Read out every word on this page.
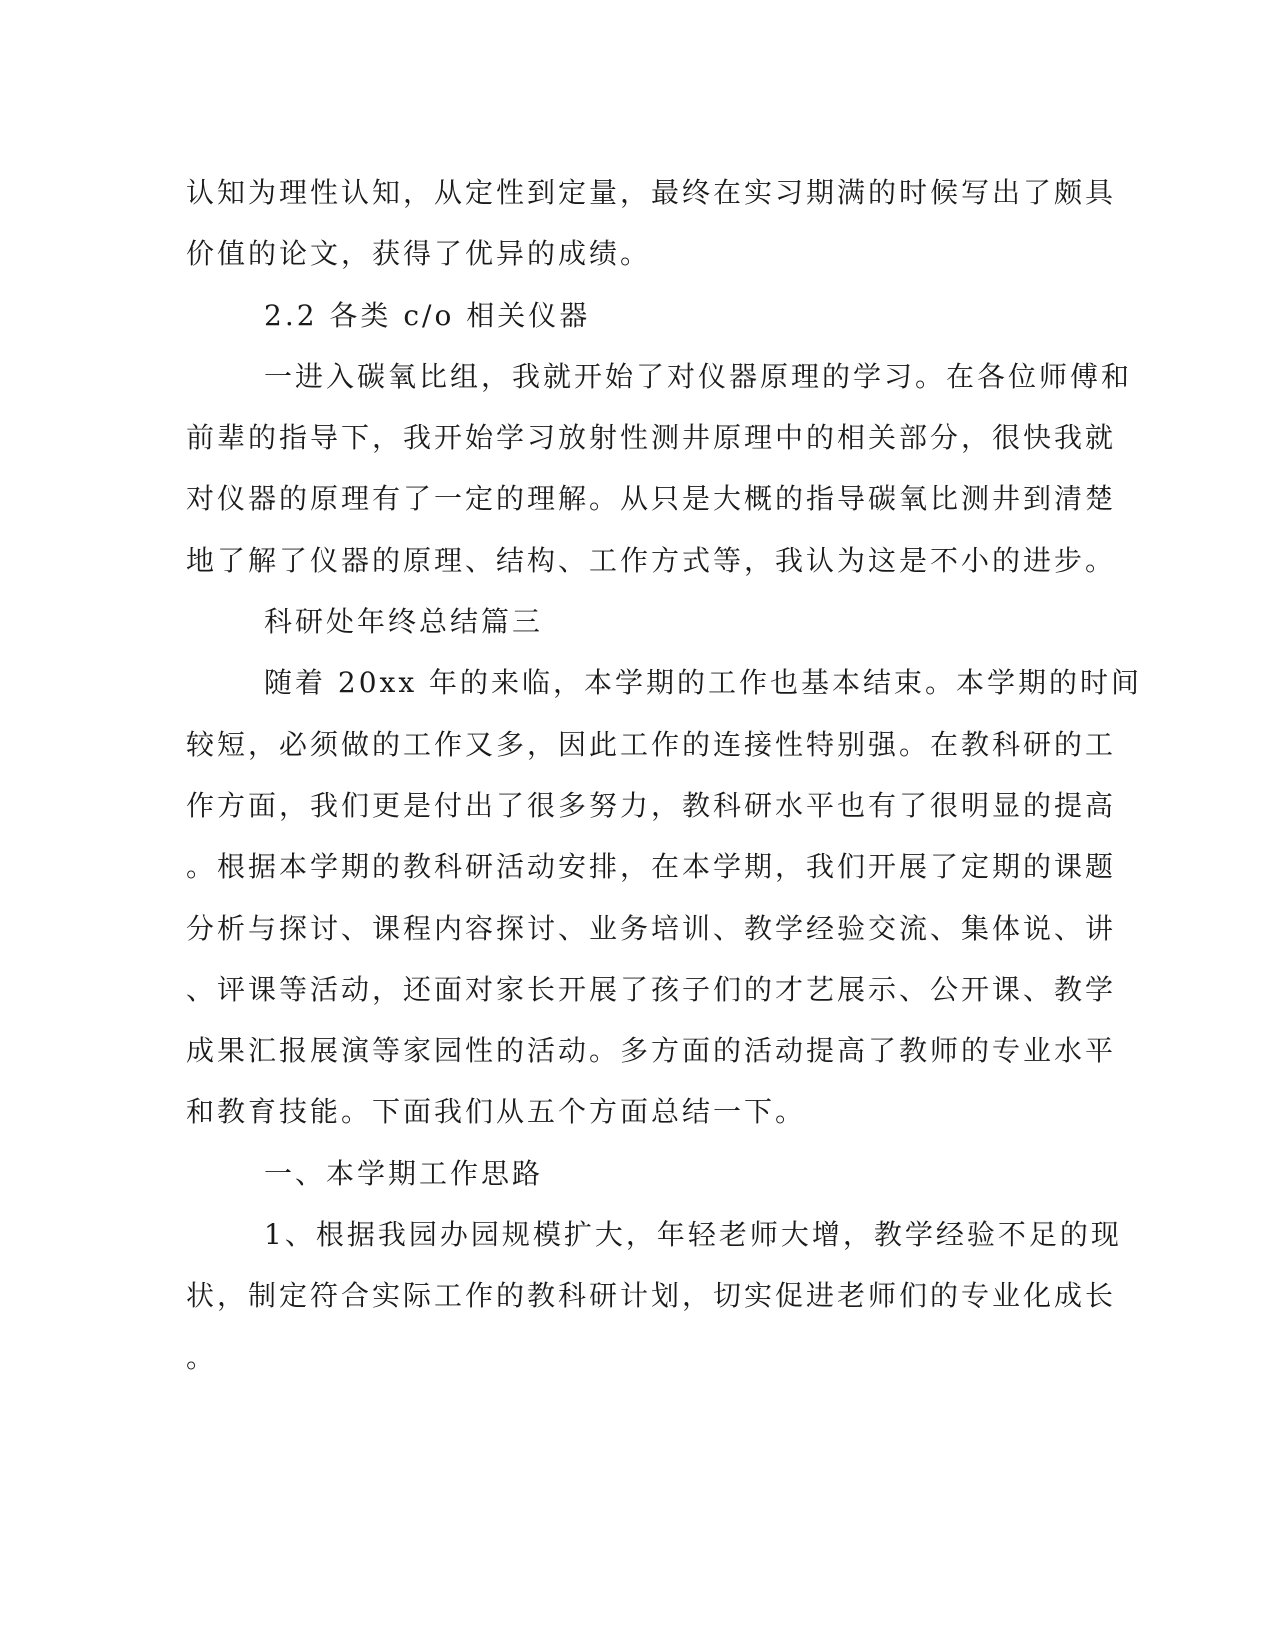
认知为理性认知，从定性到定量，最终在实习期满的时候写出了颇具
价值的论文，获得了优异的成绩。
2.2 各类 c/o 相关仪器
一进入碳氧比组，我就开始了对仪器原理的学习。在各位师傅和
前辈的指导下，我开始学习放射性测井原理中的相关部分，很快我就
对仪器的原理有了一定的理解。从只是大概的指导碳氧比测井到清楚
地了解了仪器的原理、结构、工作方式等，我认为这是不小的进步。
科研处年终总结篇三
随着 20xx 年的来临，本学期的工作也基本结束。本学期的时间
较短，必须做的工作又多，因此工作的连接性特别强。在教科研的工
作方面，我们更是付出了很多努力，教科研水平也有了很明显的提高
。根据本学期的教科研活动安排，在本学期，我们开展了定期的课题
分析与探讨、课程内容探讨、业务培训、教学经验交流、集体说、讲
、评课等活动，还面对家长开展了孩子们的才艺展示、公开课、教学
成果汇报展演等家园性的活动。多方面的活动提高了教师的专业水平
和教育技能。下面我们从五个方面总结一下。
一、本学期工作思路
1、根据我园办园规模扩大，年轻老师大增，教学经验不足的现
状，制定符合实际工作的教科研计划，切实促进老师们的专业化成长
。
